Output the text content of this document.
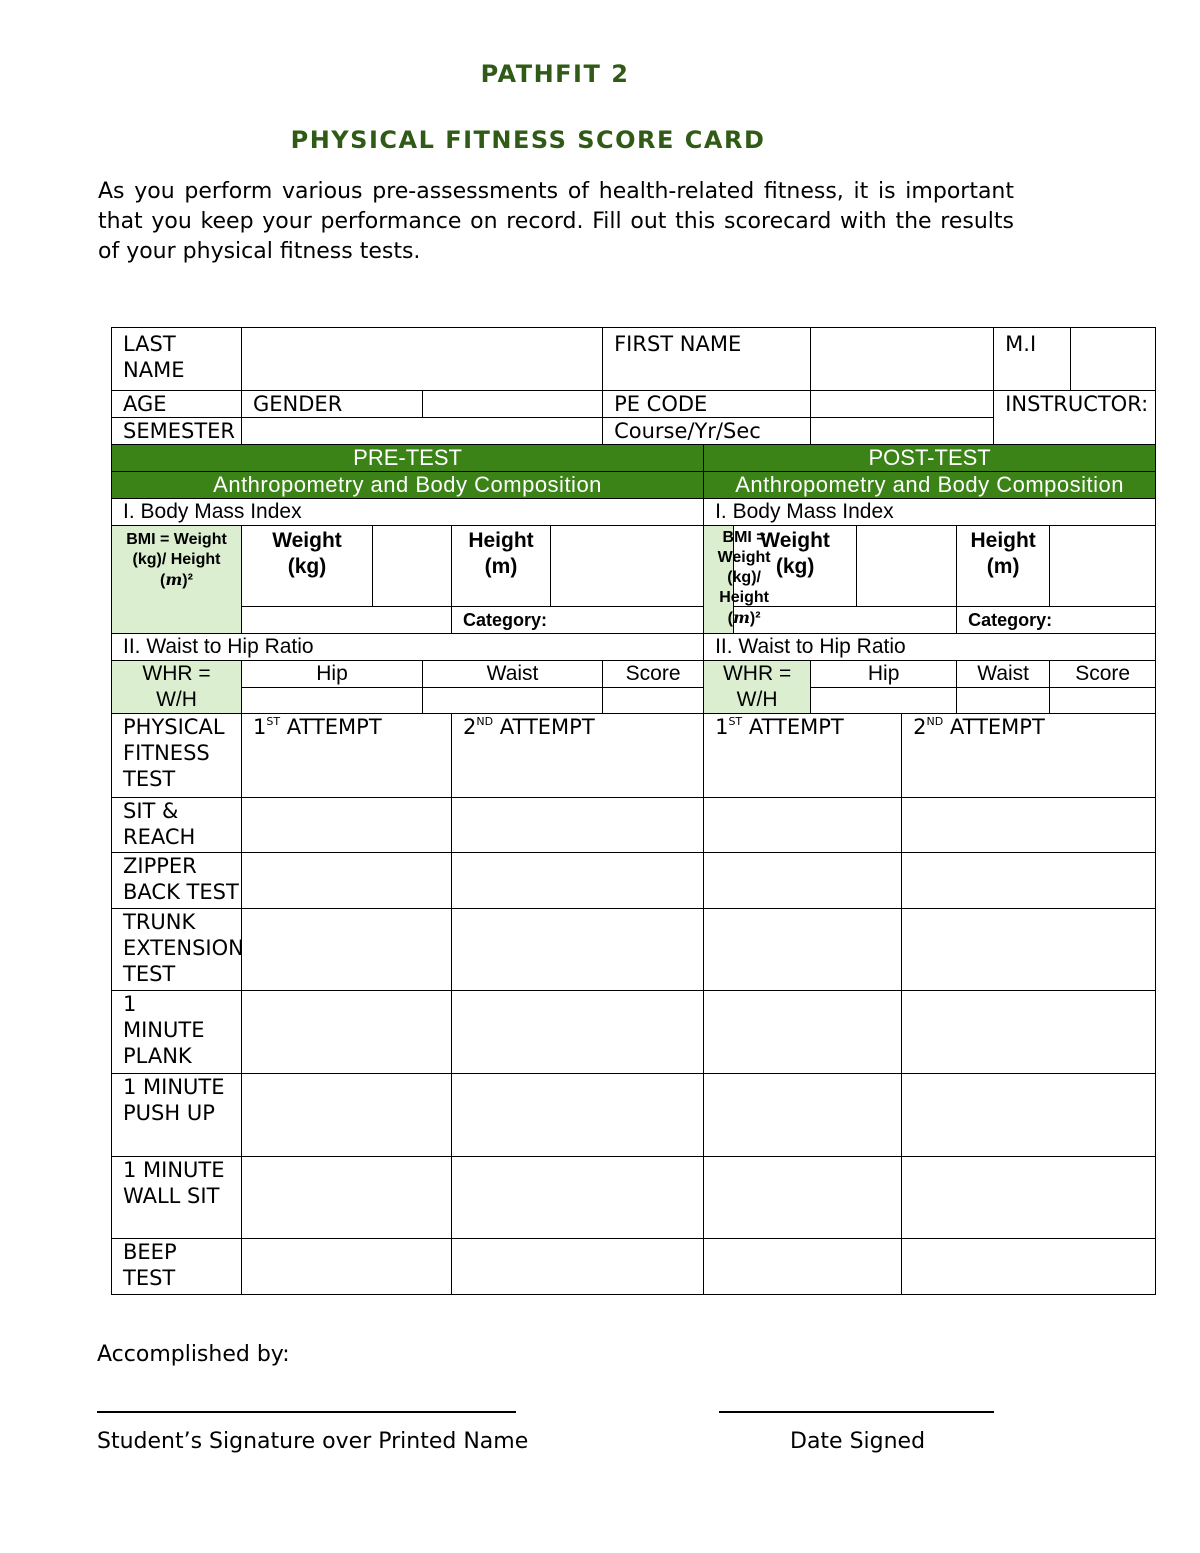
PATHFIT 2
PHYSICAL FITNESS SCORE CARD

As you perform various pre-assessments of health-related fitness, it is important that you keep your performance on record. Fill out this scorecard with the results of your physical fitness tests.

LAST NAME						FIRST NAME							M.I		
AGE	GENDER					PE CODE							INSTRUCTOR:		
SEMESTER						Course/Yr/Sec									
PRE-TEST							POST-TEST								
Anthropometry and Body Composition							Anthropometry and Body Composition								
I. Body Mass Index							I. Body Mass Index								

BMI = Weight (kg)/ Height (m)²	Weight (kg)			Height (m)			BMI = Weight (kg)/ Height (m)²	Weight (kg)				Height (m)			

				Category:								Category:			
II. Waist to Hip Ratio							II. Waist to Hip Ratio								

WHR = W/H	Hip		Waist			Score	WHR = W/H		Hip			Waist		Score	

PHYSICAL FITNESS TEST	1ST ATTEMPT			2ND ATTEMPT			1ST ATTEMPT				2ND ATTEMPT				
SIT & REACH															
ZIPPER BACK TEST															
TRUNK EXTENSION TEST															
1 MINUTE PLANK															
1 MINUTE PUSH UP															
1 MINUTE WALL SIT															
BEEP TEST															
Accomplished by:
Student’s Signature over Printed Name	Date Signed
